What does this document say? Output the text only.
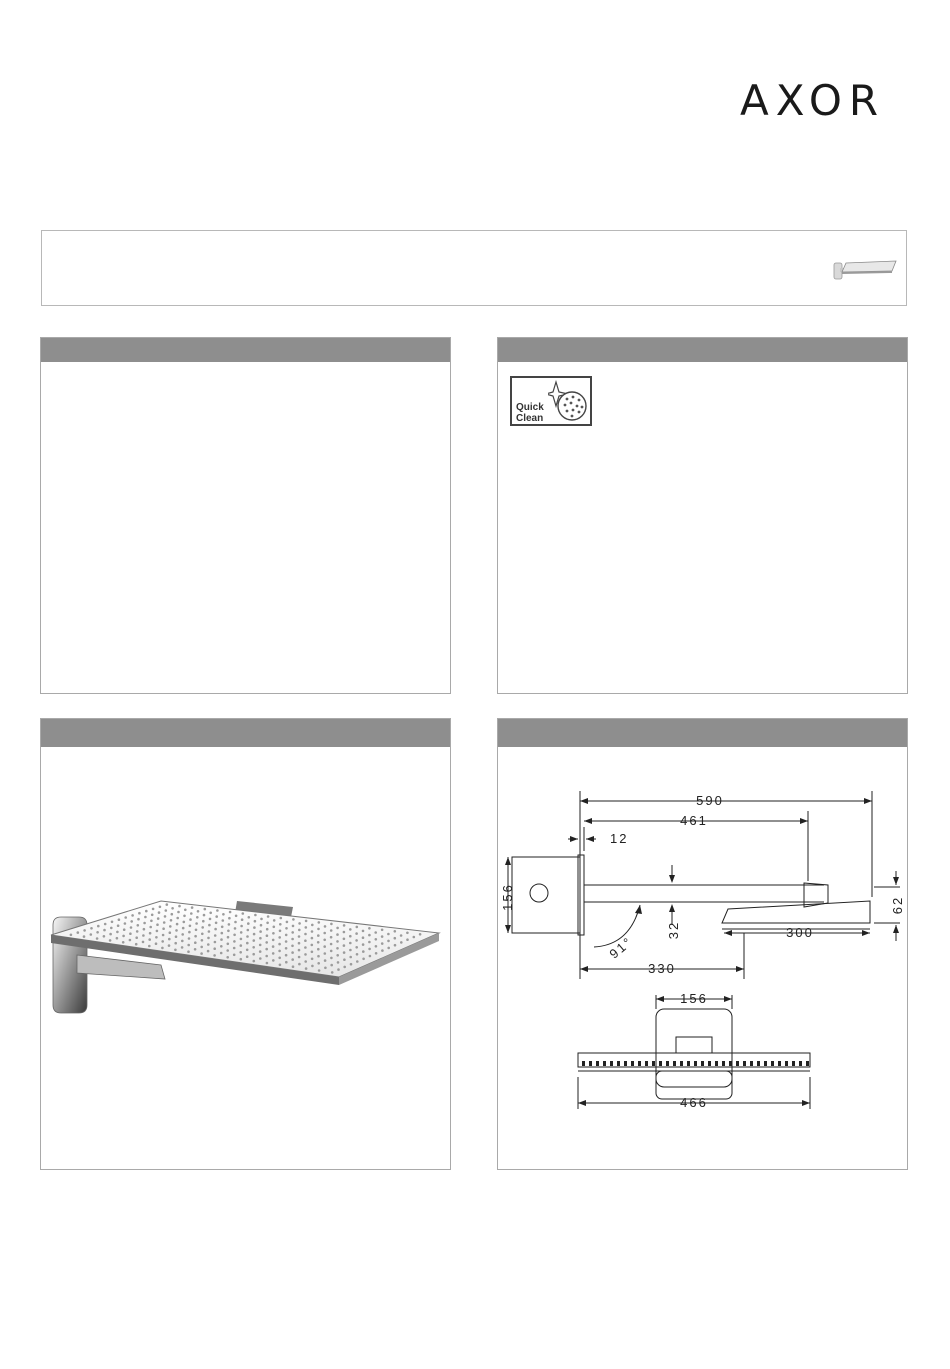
AXOR
Quick
Clean
590
461
12
156
32
62
300
330
91°
156
466
